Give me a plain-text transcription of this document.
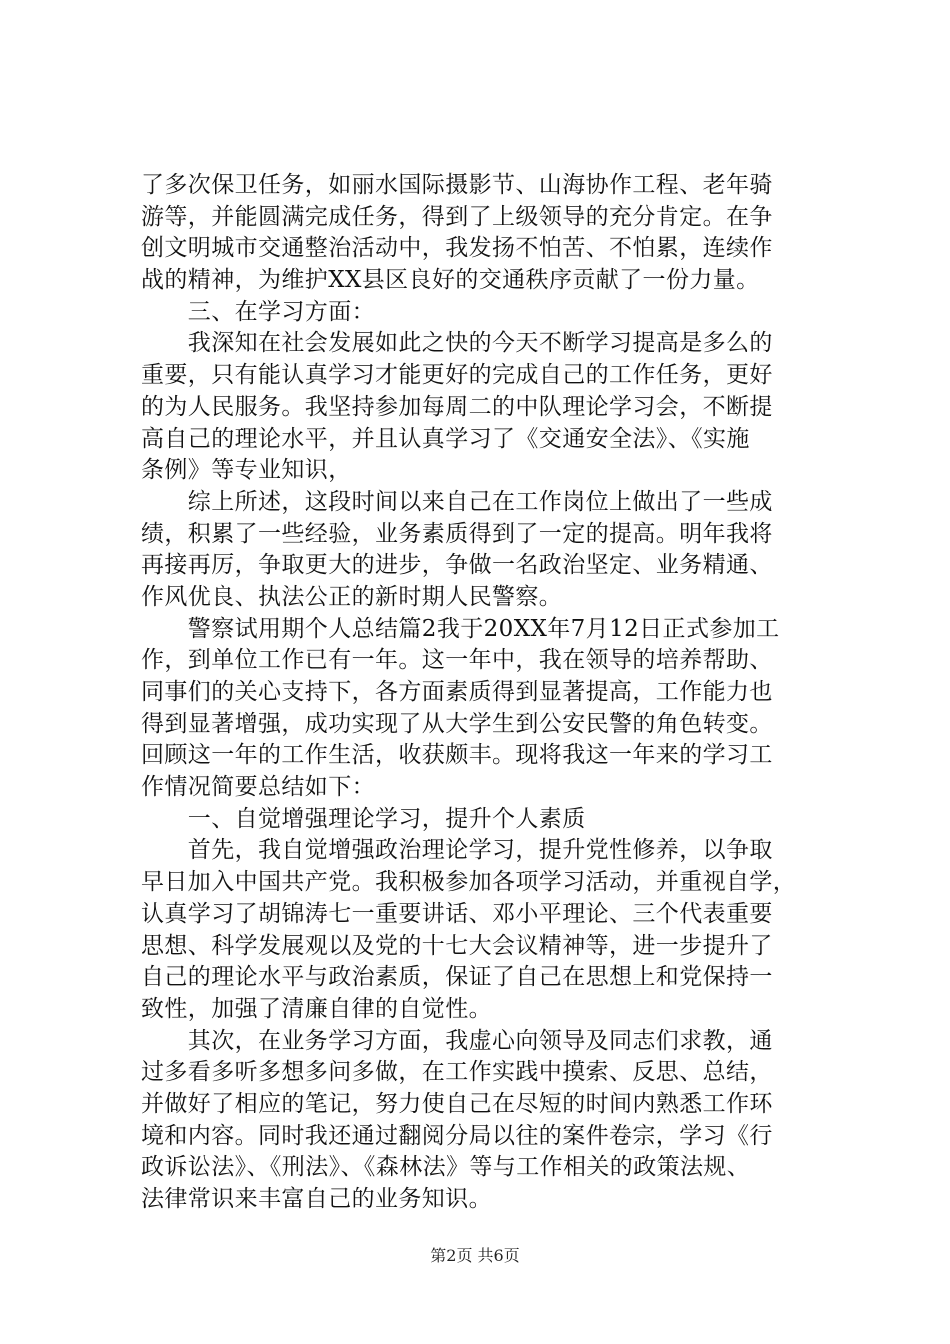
了多次保卫任务，如丽水国际摄影节、山海协作工程、老年骑
游等，并能圆满完成任务，得到了上级领导的充分肯定。在争
创文明城市交通整治活动中，我发扬不怕苦、不怕累，连续作
战的精神，为维护XX县区良好的交通秩序贡献了一份力量。
　　三、在学习方面：
　　我深知在社会发展如此之快的今天不断学习提高是多么的
重要，只有能认真学习才能更好的完成自己的工作任务，更好
的为人民服务。我坚持参加每周二的中队理论学习会，不断提
高自己的理论水平，并且认真学习了《交通安全法》、《实施
条例》等专业知识，
　　综上所述，这段时间以来自己在工作岗位上做出了一些成
绩，积累了一些经验，业务素质得到了一定的提高。明年我将
再接再厉，争取更大的进步，争做一名政治坚定、业务精通、
作风优良、执法公正的新时期人民警察。
　　警察试用期个人总结篇2我于20XX年7月12日正式参加工
作，到单位工作已有一年。这一年中，我在领导的培养帮助、
同事们的关心支持下，各方面素质得到显著提高，工作能力也
得到显著增强，成功实现了从大学生到公安民警的角色转变。
回顾这一年的工作生活，收获颇丰。现将我这一年来的学习工
作情况简要总结如下：
　　一、自觉增强理论学习，提升个人素质
　　首先，我自觉增强政治理论学习，提升党性修养，以争取
早日加入中国共产党。我积极参加各项学习活动，并重视自学，
认真学习了胡锦涛七一重要讲话、邓小平理论、三个代表重要
思想、科学发展观以及党的十七大会议精神等，进一步提升了
自己的理论水平与政治素质，保证了自己在思想上和党保持一
致性，加强了清廉自律的自觉性。
　　其次，在业务学习方面，我虚心向领导及同志们求教，通
过多看多听多想多问多做，在工作实践中摸索、反思、总结，
并做好了相应的笔记，努力使自己在尽短的时间内熟悉工作环
境和内容。同时我还通过翻阅分局以往的案件卷宗，学习《行
政诉讼法》、《刑法》、《森林法》等与工作相关的政策法规、
法律常识来丰富自己的业务知识。
第2页 共6页
